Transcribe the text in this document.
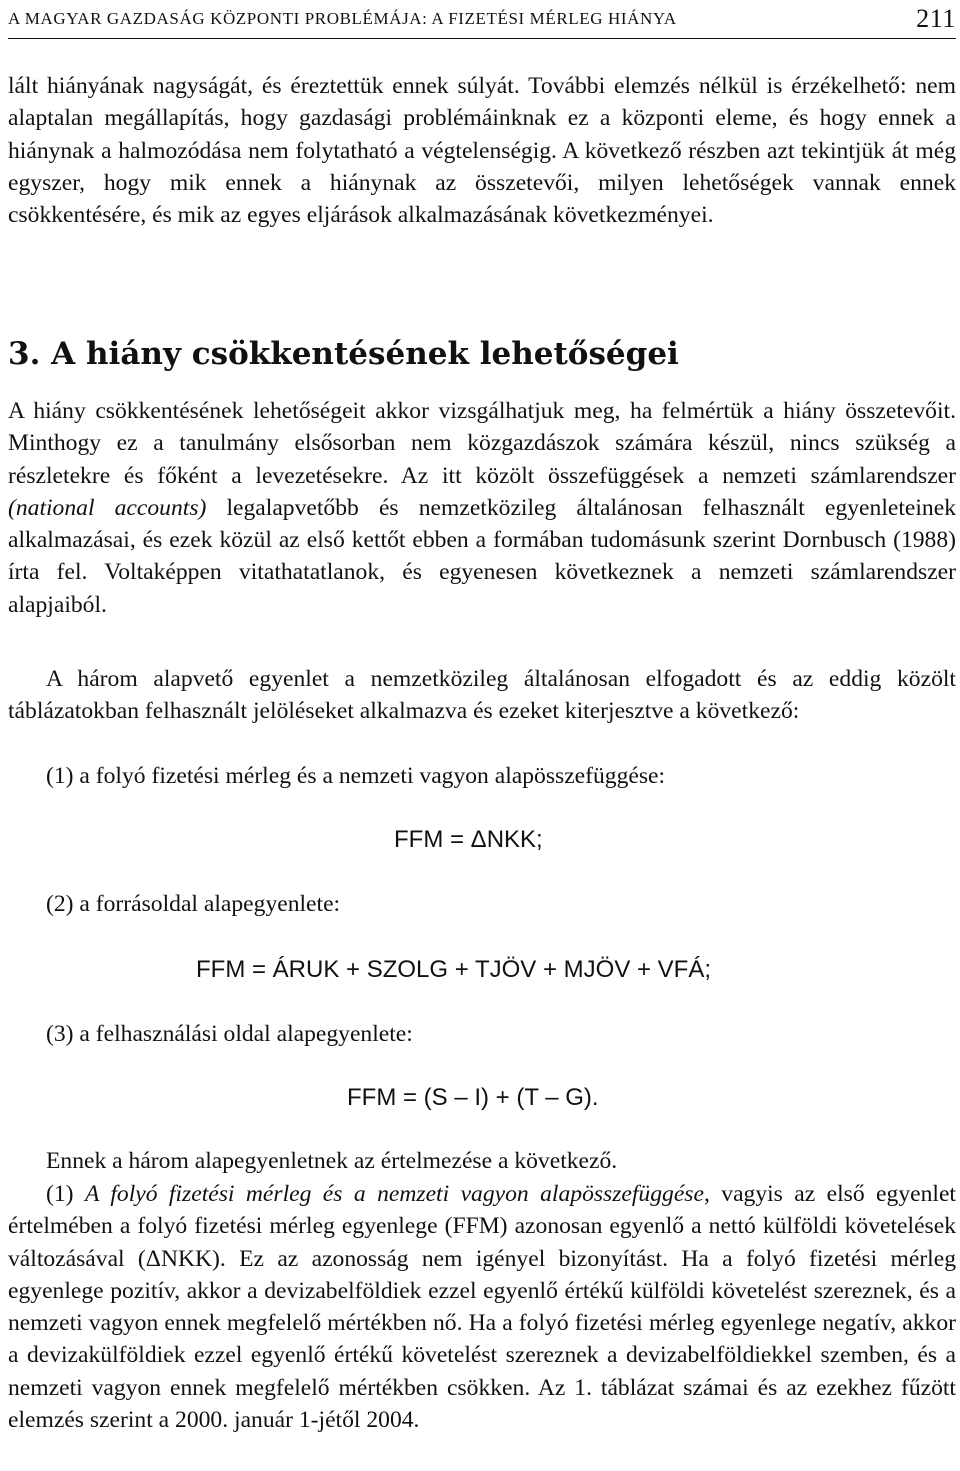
A MAGYAR GAZDASÁG KÖZPONTI PROBLÉMÁJA: A FIZETÉSI MÉRLEG HIÁNYA	211

lált hiányának nagyságát, és éreztettük ennek súlyát. További elemzés nélkül is érzékelhető: nem alaptalan megállapítás, hogy gazdasági problémáinknak ez a központi eleme, és hogy ennek a hiánynak a halmozódása nem folytatható a végtelenségig. A következő részben azt tekintjük át még egyszer, hogy mik ennek a hiánynak az összetevői, milyen lehetőségek vannak ennek csökkentésére, és mik az egyes eljárások alkalmazásának következményei.

3. A hiány csökkentésének lehetőségei

A hiány csökkentésének lehetőségeit akkor vizsgálhatjuk meg, ha felmértük a hiány összetevőit. Minthogy ez a tanulmány elsősorban nem közgazdászok számára készül, nincs szükség a részletekre és főként a levezetésekre. Az itt közölt összefüggések a nemzeti számlarendszer (national accounts) legalapvetőbb és nemzetközileg általánosan felhasznált egyenleteinek alkalmazásai, és ezek közül az első kettőt ebben a formában tudomásunk szerint Dornbusch (1988) írta fel. Voltaképpen vitathatatlanok, és egyenesen következnek a nemzeti számlarendszer alapjaiból.

A három alapvető egyenlet a nemzetközileg általánosan elfogadott és az eddig közölt táblázatokban felhasznált jelöléseket alkalmazva és ezeket kiterjesztve a következő:

(1) a folyó fizetési mérleg és a nemzeti vagyon alapösszefüggése:
FFM = ΔNKK;
(2) a forrásoldal alapegyenlete:
FFM = ÁRUK + SZOLG + TJÖV + MJÖV + VFÁ;
(3) a felhasználási oldal alapegyenlete:
FFM = (S – I) + (T – G).

Ennek a három alapegyenletnek az értelmezése a következő.

(1) A folyó fizetési mérleg és a nemzeti vagyon alapösszefüggése, vagyis az első egyenlet értelmében a folyó fizetési mérleg egyenlege (FFM) azonosan egyenlő a nettó külföldi követelések változásával (ΔNKK). Ez az azonosság nem igényel bizonyítást. Ha a folyó fizetési mérleg egyenlege pozitív, akkor a devizabelföldiek ezzel egyenlő értékű külföldi követelést szereznek, és a nemzeti vagyon ennek megfelelő mértékben nő. Ha a folyó fizetési mérleg egyenlege negatív, akkor a devizakülföldiek ezzel egyenlő értékű követelést szereznek a devizabelföldiekkel szemben, és a nemzeti vagyon ennek megfelelő mértékben csökken. Az 1. táblázat számai és az ezekhez fűzött elemzés szerint a 2000. január 1-jétől 2004.
